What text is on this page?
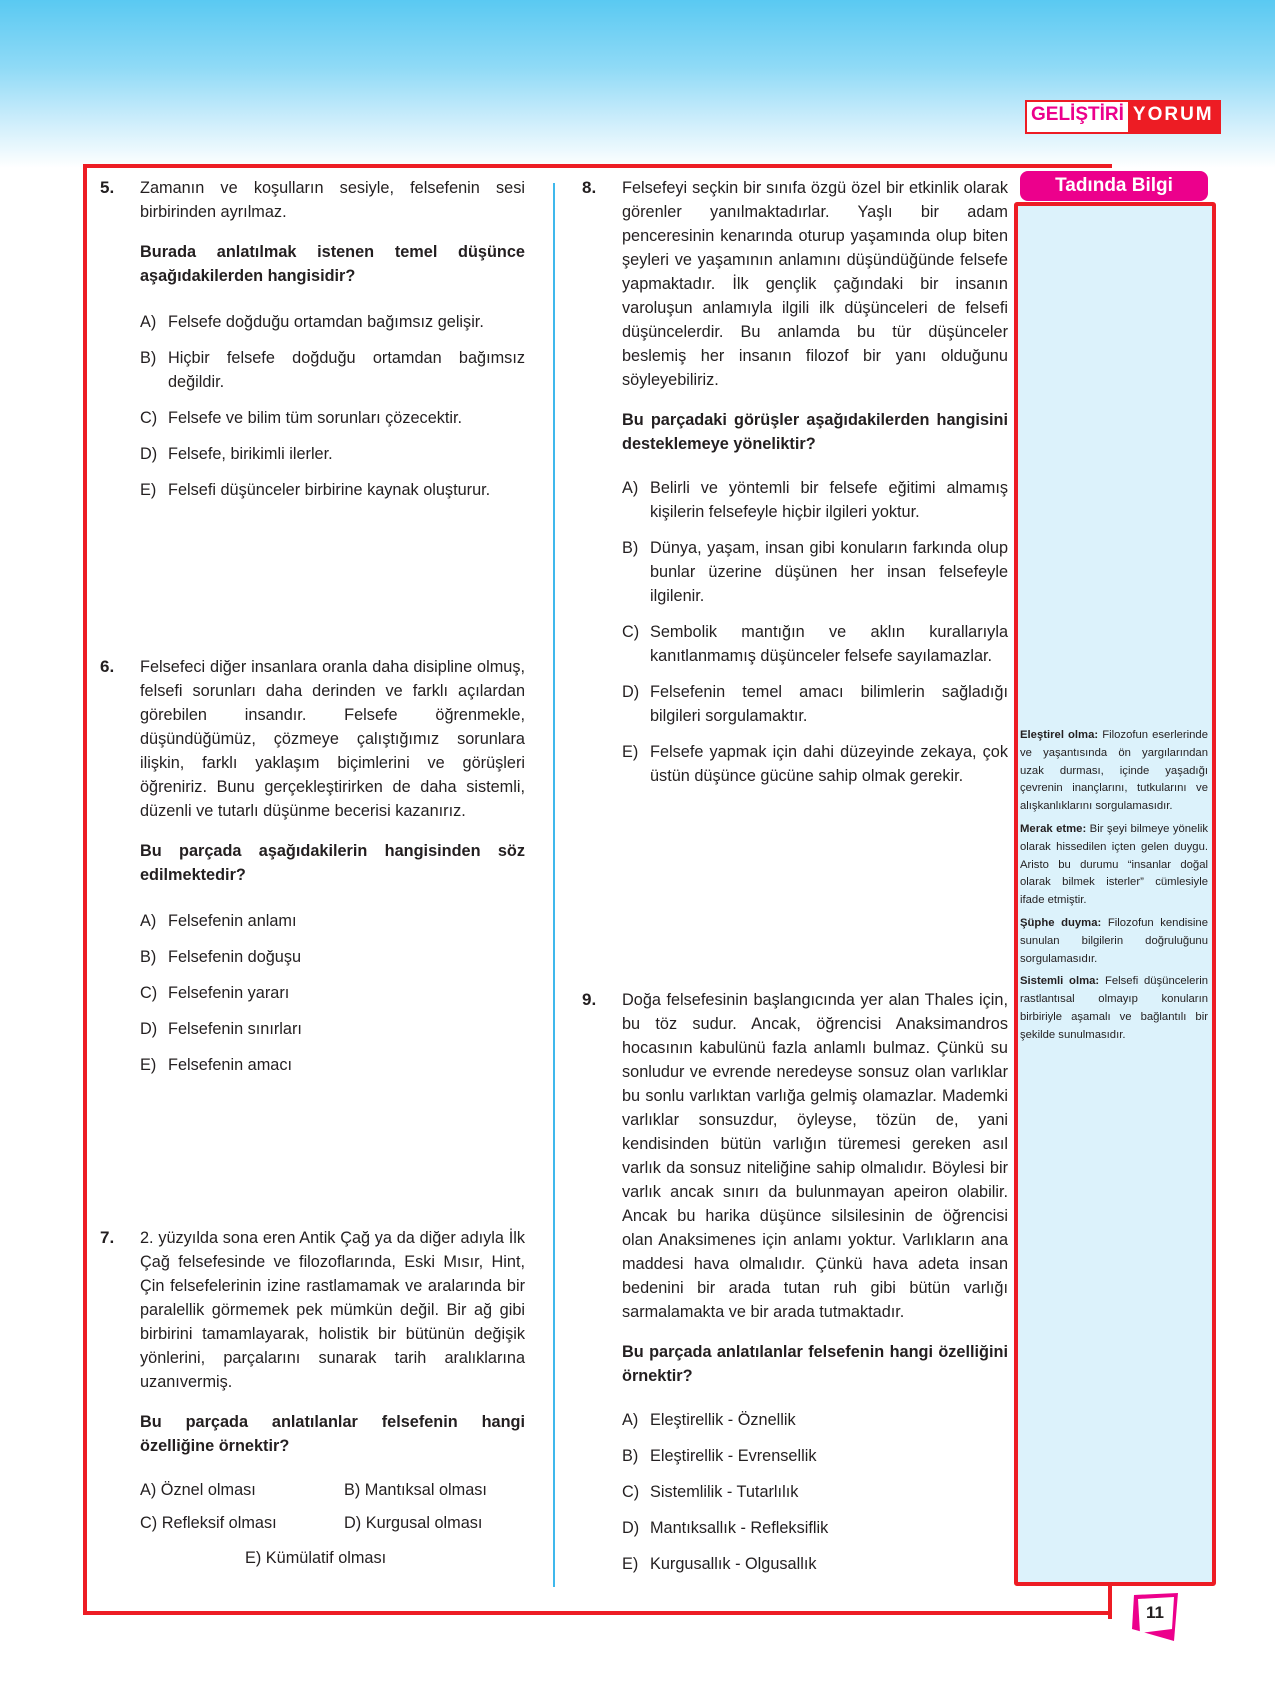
GELİŞTİRİ YORUM
Tadında Bilgi

Eleştirel olma: Filozofun eserlerinde ve yaşantısında ön yargılarından uzak durması, içinde yaşadığı çevrenin inançlarını, tutkularını ve alışkanlıklarını sorgulamasıdır.

Merak etme: Bir şeyi bilmeye yönelik olarak hissedilen içten gelen duygu. Aristo bu durumu “insanlar doğal olarak bilmek isterler” cümlesiyle ifade etmiştir.

Şüphe duyma: Filozofun kendisine sunulan bilgilerin doğruluğunu sorgulamasıdır.

Sistemli olma: Felsefi düşüncelerin rastlantısal olmayıp konuların birbiriyle aşamalı ve bağlantılı bir şekilde sunulmasıdır.

5. Zamanın ve koşulların sesiyle, felsefenin sesi birbirinden ayrılmaz.

Burada anlatılmak istenen temel düşünce aşağıdakilerden hangisidir?

A) Felsefe doğduğu ortamdan bağımsız gelişir.
B) Hiçbir felsefe doğduğu ortamdan bağımsız değildir.
C) Felsefe ve bilim tüm sorunları çözecektir.
D) Felsefe, birikimli ilerler.
E) Felsefi düşünceler birbirine kaynak oluşturur.
6. Felsefeci diğer insanlara oranla daha disipline olmuş, felsefi sorunları daha derinden ve farklı açılardan görebilen insandır. Felsefe öğrenmekle, düşündüğümüz, çözmeye çalıştığımız sorunlara ilişkin, farklı yaklaşım biçimlerini ve görüşleri öğreniriz. Bunu gerçekleştirirken de daha sistemli, düzenli ve tutarlı düşünme becerisi kazanırız.

Bu parçada aşağıdakilerin hangisinden söz edilmektedir?

A) Felsefenin anlamı
B) Felsefenin doğuşu
C) Felsefenin yararı
D) Felsefenin sınırları
E) Felsefenin amacı
7. 2. yüzyılda sona eren Antik Çağ ya da diğer adıyla İlk Çağ felsefesinde ve filozoflarında, Eski Mısır, Hint, Çin felsefelerinin izine rastlamamak ve aralarında bir paralellik görmemek pek mümkün değil. Bir ağ gibi birbirini tamamlayarak, holistik bir bütünün değişik yönlerini, parçalarını sunarak tarih aralıklarına uzanıvermiş.

Bu parçada anlatılanlar felsefenin hangi özelliğine örnektir?

A) Öznel olması	B) Mantıksal olması
C) Refleksif olması	D) Kurgusal olması
E) Kümülatif olması
8. Felsefeyi seçkin bir sınıfa özgü özel bir etkinlik olarak görenler yanılmaktadırlar. Yaşlı bir adam penceresinin kenarında oturup yaşamında olup biten şeyleri ve yaşamının anlamını düşündüğünde felsefe yapmaktadır. İlk gençlik çağındaki bir insanın varoluşun anlamıyla ilgili ilk düşünceleri de felsefi düşüncelerdir. Bu anlamda bu tür düşünceler beslemiş her insanın filozof bir yanı olduğunu söyleyebiliriz.

Bu parçadaki görüşler aşağıdakilerden hangisini desteklemeye yöneliktir?

A) Belirli ve yöntemli bir felsefe eğitimi almamış kişilerin felsefeyle hiçbir ilgileri yoktur.
B) Dünya, yaşam, insan gibi konuların farkında olup bunlar üzerine düşünen her insan felsefeyle ilgilenir.
C) Sembolik mantığın ve aklın kurallarıyla kanıtlanmamış düşünceler felsefe sayılamazlar.
D) Felsefenin temel amacı bilimlerin sağladığı bilgileri sorgulamaktır.
E) Felsefe yapmak için dahi düzeyinde zekaya, çok üstün düşünce gücüne sahip olmak gerekir.
9. Doğa felsefesinin başlangıcında yer alan Thales için, bu töz sudur. Ancak, öğrencisi Anaksimandros hocasının kabulünü fazla anlamlı bulmaz. Çünkü su sonludur ve evrende neredeyse sonsuz olan varlıklar bu sonlu varlıktan varlığa gelmiş olamazlar. Mademki varlıklar sonsuzdur, öyleyse, tözün de, yani kendisinden bütün varlığın türemesi gereken asıl varlık da sonsuz niteliğine sahip olmalıdır. Böylesi bir varlık ancak sınırı da bulunmayan apeiron olabilir. Ancak bu harika düşünce silsilesinin de öğrencisi olan Anaksimenes için anlamı yoktur. Varlıkların ana maddesi hava olmalıdır. Çünkü hava adeta insan bedenini bir arada tutan ruh gibi bütün varlığı sarmalamakta ve bir arada tutmaktadır.

Bu parçada anlatılanlar felsefenin hangi özelliğini örnektir?

A) Eleştirellik - Öznellik
B) Eleştirellik - Evrensellik
C) Sistemlilik - Tutarlılık
D) Mantıksallık - Refleksiflik
E) Kurgusallık - Olgusallık
11
